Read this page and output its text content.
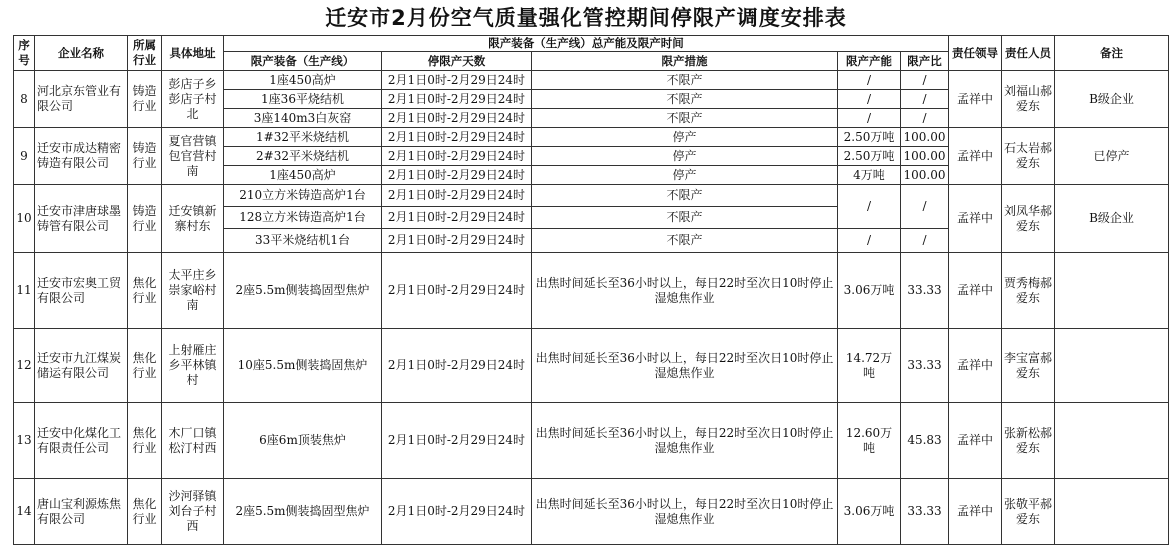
迁安市2月份空气质量强化管控期间停限产调度安排表
序号	企业名称	所属行业	具体地址	限产装备（生产线）总产能及限产时间					责任领导	责任人员	备注
				限产装备（生产线）	停限产天数	限产措施	限产产能	限产比			
8	河北京东管业有限公司	铸造行业	彭店子乡彭店子村北	1座450高炉	2月1日0时-2月29日24时	不限产	/	/	孟祥中	刘福山郝爱东	B级企业
				1座36平烧结机	2月1日0时-2月29日24时	不限产	/	/			
				3座140m3白灰窑	2月1日0时-2月29日24时	不限产	/	/			
9	迁安市成达精密铸造有限公司	铸造行业	夏官营镇包官营村南	1#32平米烧结机	2月1日0时-2月29日24时	停产	2.50万吨	100.00	孟祥中	石太岩郝爱东	已停产
				2#32平米烧结机	2月1日0时-2月29日24时	停产	2.50万吨	100.00			
				1座450高炉	2月1日0时-2月29日24时	停产	4万吨	100.00			
10	迁安市津唐球墨铸管有限公司	铸造行业	迁安镇新寨村东	210立方米铸造高炉1台	2月1日0时-2月29日24时	不限产	/	/	孟祥中	刘凤华郝爱东	B级企业
				128立方米铸造高炉1台	2月1日0时-2月29日24时	不限产					
				33平米烧结机1台	2月1日0时-2月29日24时	不限产	/	/			
11	迁安市宏奥工贸有限公司	焦化行业	太平庄乡崇家峪村南	2座5.5m侧装捣固型焦炉	2月1日0时-2月29日24时	出焦时间延长至36小时以上，每日22时至次日10时停止湿熄焦作业	3.06万吨	33.33	孟祥中	贾秀梅郝爱东	
12	迁安市九江煤炭储运有限公司	焦化行业	上射雁庄乡平林镇村	10座5.5m侧装捣固焦炉	2月1日0时-2月29日24时	出焦时间延长至36小时以上，每日22时至次日10时停止湿熄焦作业	14.72万吨	33.33	孟祥中	李宝富郝爱东	
13	迁安中化煤化工有限责任公司	焦化行业	木厂口镇松汀村西	6座6m顶装焦炉	2月1日0时-2月29日24时	出焦时间延长至36小时以上，每日22时至次日10时停止湿熄焦作业	12.60万吨	45.83	孟祥中	张新松郝爱东	
14	唐山宝利源炼焦有限公司	焦化行业	沙河驿镇刘台子村西	2座5.5m侧装捣固型焦炉	2月1日0时-2月29日24时	出焦时间延长至36小时以上，每日22时至次日10时停止湿熄焦作业	3.06万吨	33.33	孟祥中	张敬平郝爱东	
